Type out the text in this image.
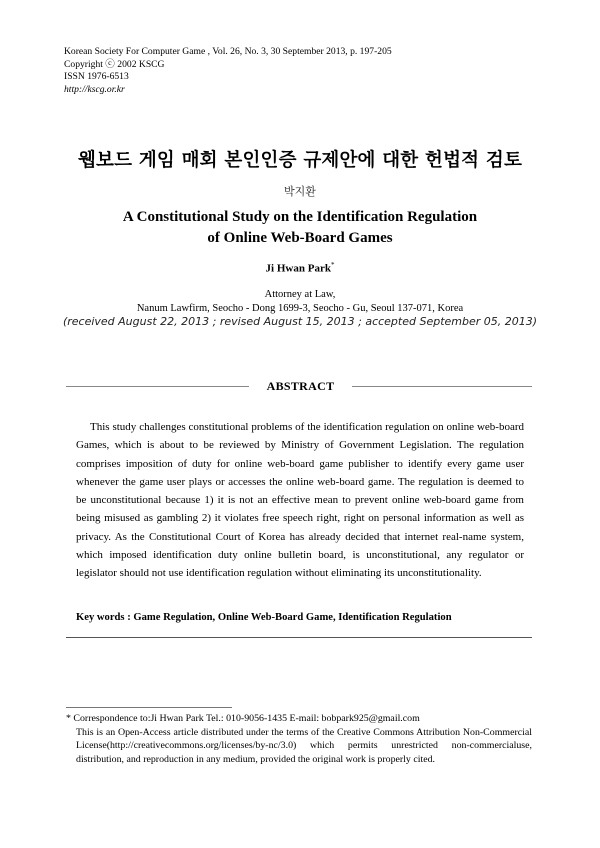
Korean Society For Computer Game , Vol. 26, No. 3, 30 September 2013, p. 197-205
Copyright ⓒ 2002 KSCG
ISSN 1976-6513
http://kscg.or.kr
웹보드 게임 매회 본인인증 규제안에 대한 헌법적 검토
박지환
A Constitutional Study on the Identification Regulation
of Online Web-Board Games
Ji Hwan Park*
Attorney at Law,
Nanum Lawfirm, Seocho - Dong 1699-3, Seocho - Gu, Seoul 137-071, Korea
(received August 22, 2013 ; revised August 15, 2013 ; accepted September 05, 2013)
ABSTRACT
This study challenges constitutional problems of the identification regulation on online web-board Games, which is about to be reviewed by Ministry of Government Legislation. The regulation comprises imposition of duty for online web-board game publisher to identify every game user whenever the game user plays or accesses the online web-board game. The regulation is deemed to be unconstitutional because 1) it is not an effective mean to prevent online web-board game from being misused as gambling 2) it violates free speech right, right on personal information as well as privacy. As the Constitutional Court of Korea has already decided that internet real-name system, which imposed identification duty online bulletin board, is unconstitutional, any regulator or legislator should not use identification regulation without eliminating its unconstitutionality.
Key words : Game Regulation, Online Web-Board Game, Identification Regulation
* Correspondence to:Ji Hwan Park Tel.: 010-9056-1435 E-mail: bobpark925@gmail.com
This is an Open-Access article distributed under the terms of the Creative Commons Attribution Non-Commercial License(http://creativecommons.org/licenses/by-nc/3.0) which permits unrestricted non-commercialuse, distribution, and reproduction in any medium, provided the original work is properly cited.
